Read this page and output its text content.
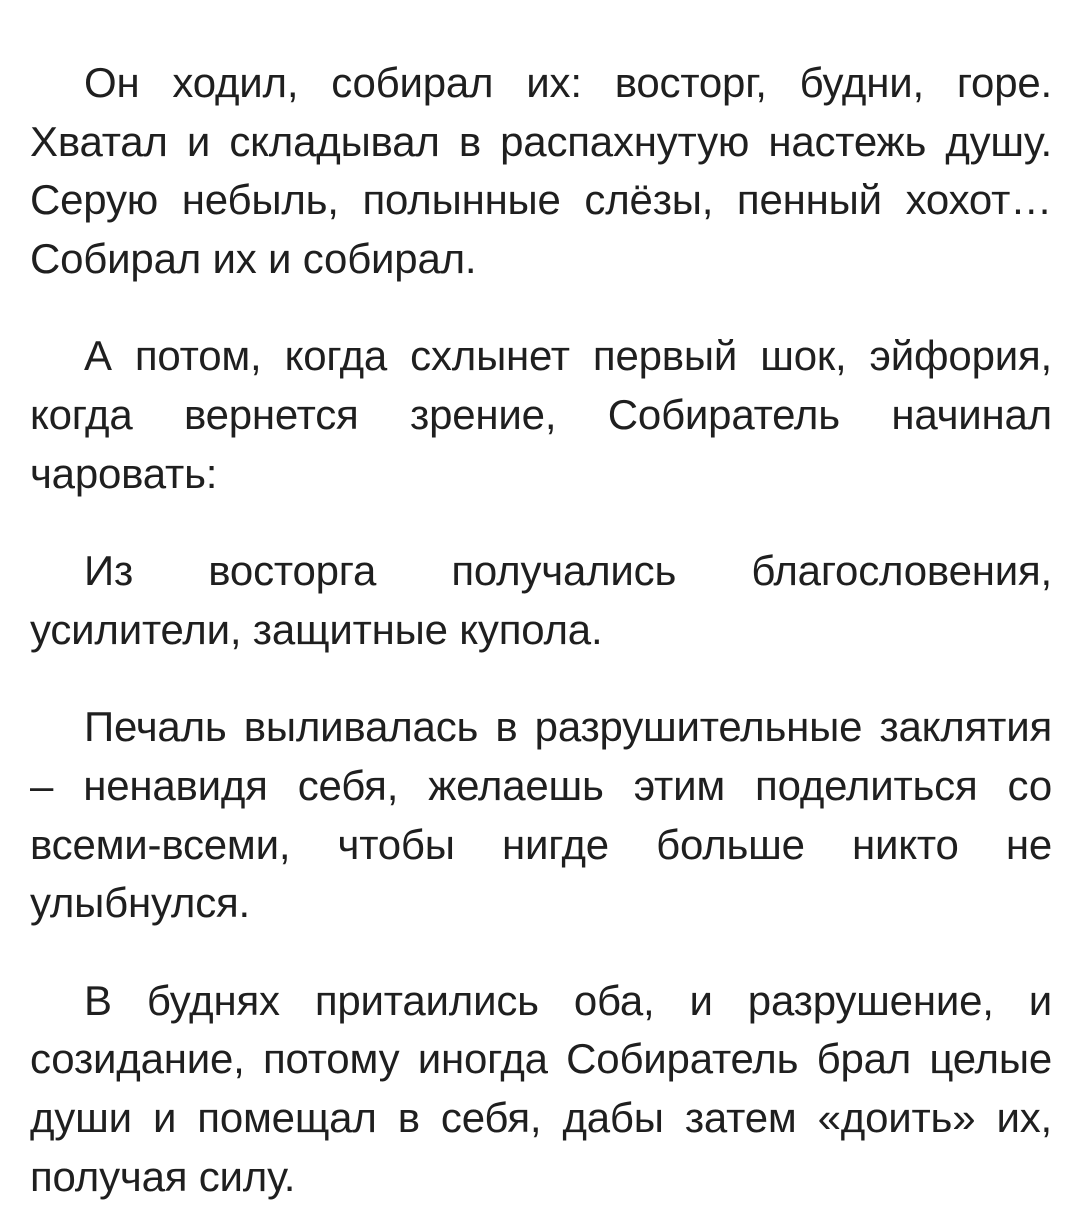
Он ходил, собирал их: восторг, будни, горе. Хватал и складывал в распахнутую настежь душу. Серую небыль, полынные слёзы, пенный хохот… Собирал их и собирал.

А потом, когда схлынет первый шок, эйфория, когда вернется зрение, Собиратель начинал чаровать:

Из восторга получались благословения, усилители, защитные купола.

Печаль выливалась в разрушительные заклятия – ненавидя себя, желаешь этим поделиться со всеми-всеми, чтобы нигде больше никто не улыбнулся.

В буднях притаились оба, и разрушение, и созидание, потому иногда Собиратель брал целые души и помещал в себя, дабы затем «доить» их, получая силу.
